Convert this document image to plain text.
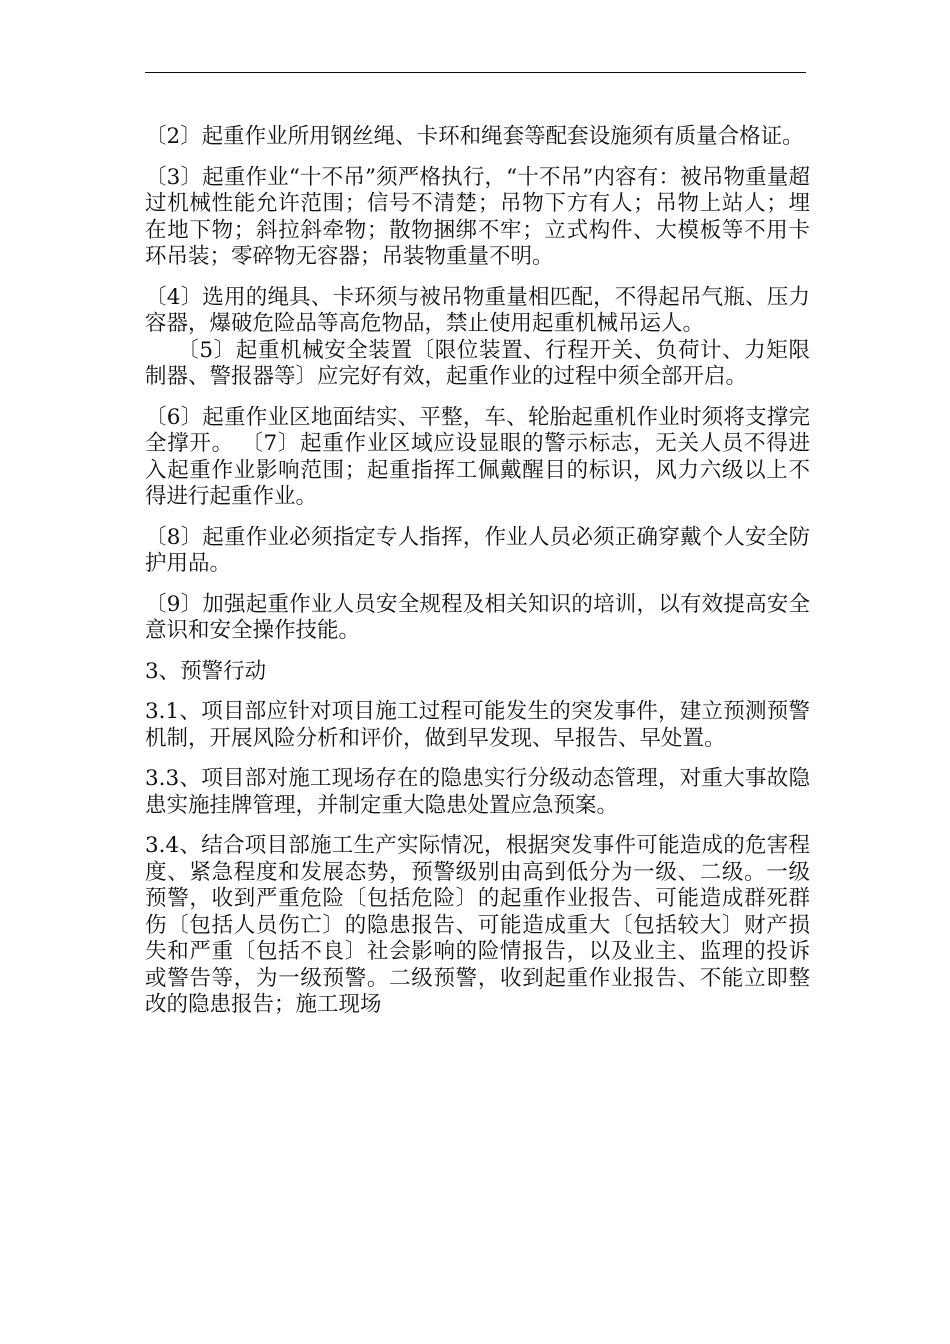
〔2〕起重作业所用钢丝绳、卡环和绳套等配套设施须有质量合格证。

〔3〕起重作业“十不吊”须严格执行，“十不吊”内容有：被吊物重量超过机械性能允许范围；信号不清楚；吊物下方有人；吊物上站人；埋在地下物；斜拉斜牵物；散物捆绑不牢；立式构件、大模板等不用卡环吊装；零碎物无容器；吊装物重量不明。

〔4〕选用的绳具、卡环须与被吊物重量相匹配，不得起吊气瓶、压力容器，爆破危险品等高危物品，禁止使用起重机械吊运人。

〔5〕起重机械安全装置〔限位装置、行程开关、负荷计、力矩限制器、警报器等〕应完好有效，起重作业的过程中须全部开启。

〔6〕起重作业区地面结实、平整，车、轮胎起重机作业时须将支撑完全撑开。 〔7〕起重作业区域应设显眼的警示标志，无关人员不得进入起重作业影响范围；起重指挥工佩戴醒目的标识，风力六级以上不得进行起重作业。

〔8〕起重作业必须指定专人指挥，作业人员必须正确穿戴个人安全防护用品。

〔9〕加强起重作业人员安全规程及相关知识的培训，以有效提高安全意识和安全操作技能。

3、预警行动

3.1、项目部应针对项目施工过程可能发生的突发事件，建立预测预警机制，开展风险分析和评价，做到早发现、早报告、早处置。

3.3、项目部对施工现场存在的隐患实行分级动态管理，对重大事故隐患实施挂牌管理，并制定重大隐患处置应急预案。

3.4、结合项目部施工生产实际情况，根据突发事件可能造成的危害程度、紧急程度和发展态势，预警级别由高到低分为一级、二级。一级预警，收到严重危险〔包括危险〕的起重作业报告、可能造成群死群伤〔包括人员伤亡〕的隐患报告、可能造成重大〔包括较大〕财产损失和严重〔包括不良〕社会影响的险情报告，以及业主、监理的投诉或警告等，为一级预警。二级预警，收到起重作业报告、不能立即整改的隐患报告；施工现场
